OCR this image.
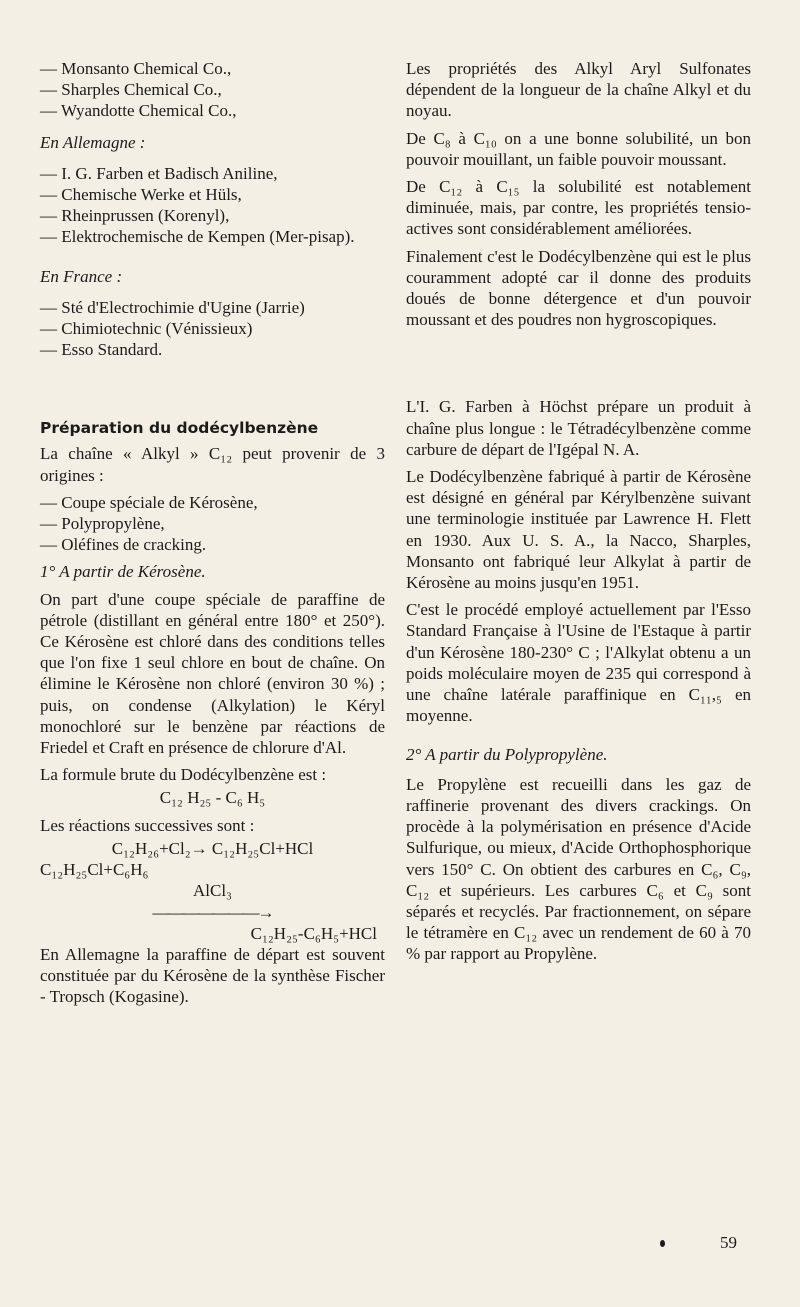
— Monsanto Chemical Co.,
— Sharples Chemical Co.,
— Wyandotte Chemical Co.,
En Allemagne :
— I. G. Farben et Badisch Aniline,
— Chemische Werke et Hüls,
— Rheinprussen (Korenyl),
— Elektrochemische de Kempen (Mer-pisap).
En France :
— Sté d'Electrochimie d'Ugine (Jarrie)
— Chimiotechnic (Vénissieux)
— Esso Standard.
Préparation du dodécylbenzène

La chaîne « Alkyl » C₁₂ peut provenir de 3 origines :

— Coupe spéciale de Kérosène,
— Polypropylène,
— Oléfines de cracking.
1° A partir de Kérosène.

On part d'une coupe spéciale de paraffine de pétrole (distillant en général entre 180° et 250°). Ce Kérosène est chloré dans des conditions telles que l'on fixe 1 seul chlore en bout de chaîne. On élimine le Kérosène non chloré (environ 30 %) ; puis, on condense (Alkylation) le Kéryl monochloré sur le benzène par réactions de Friedel et Craft en présence de chlorure d'Al.

La formule brute du Dodécylbenzène est :

C₁₂ H₂₅ - C₆ H₅
Les réactions successives sont :
C₁₂H₂₆+Cl₂→ C₁₂H₂₅Cl+HCl
C₁₂H₂₅Cl+C₆H₆
AlCl₃
———————→
C₁₂H₂₅-C₆H₅+HCl

En Allemagne la paraffine de départ est souvent constituée par du Kérosène de la synthèse Fischer - Tropsch (Kogasine).

Les propriétés des Alkyl Aryl Sulfonates dépendent de la longueur de la chaîne Alkyl et du noyau.

De C₈ à C₁₀ on a une bonne solubilité, un bon pouvoir mouillant, un faible pouvoir moussant.

De C₁₂ à C₁₅ la solubilité est notablement diminuée, mais, par contre, les propriétés tensio-actives sont considérablement améliorées.

Finalement c'est le Dodécylbenzène qui est le plus couramment adopté car il donne des produits doués de bonne détergence et d'un pouvoir moussant et des poudres non hygroscopiques.

L'I. G. Farben à Höchst prépare un produit à chaîne plus longue : le Tétradécylbenzène comme carbure de départ de l'Igépal N. A.

Le Dodécylbenzène fabriqué à partir de Kérosène est désigné en général par Kérylbenzène suivant une terminologie instituée par Lawrence H. Flett en 1930. Aux U. S. A., la Nacco, Sharples, Monsanto ont fabriqué leur Alkylat à partir de Kérosène au moins jusqu'en 1951.

C'est le procédé employé actuellement par l'Esso Standard Française à l'Usine de l'Estaque à partir d'un Kérosène 180-230° C ; l'Alkylat obtenu a un poids moléculaire moyen de 235 qui correspond à une chaîne latérale paraffinique en C₁₁,₅ en moyenne.

2° A partir du Polypropylène.

Le Propylène est recueilli dans les gaz de raffinerie provenant des divers crackings. On procède à la polymérisation en présence d'Acide Sulfurique, ou mieux, d'Acide Orthophosphorique vers 150° C. On obtient des carbures en C₆, C₉, C₁₂ et supérieurs. Les carbures C₆ et C₉ sont séparés et recyclés. Par fractionnement, on sépare le tétramère en C₁₂ avec un rendement de 60 à 70 % par rapport au Propylène.

59
